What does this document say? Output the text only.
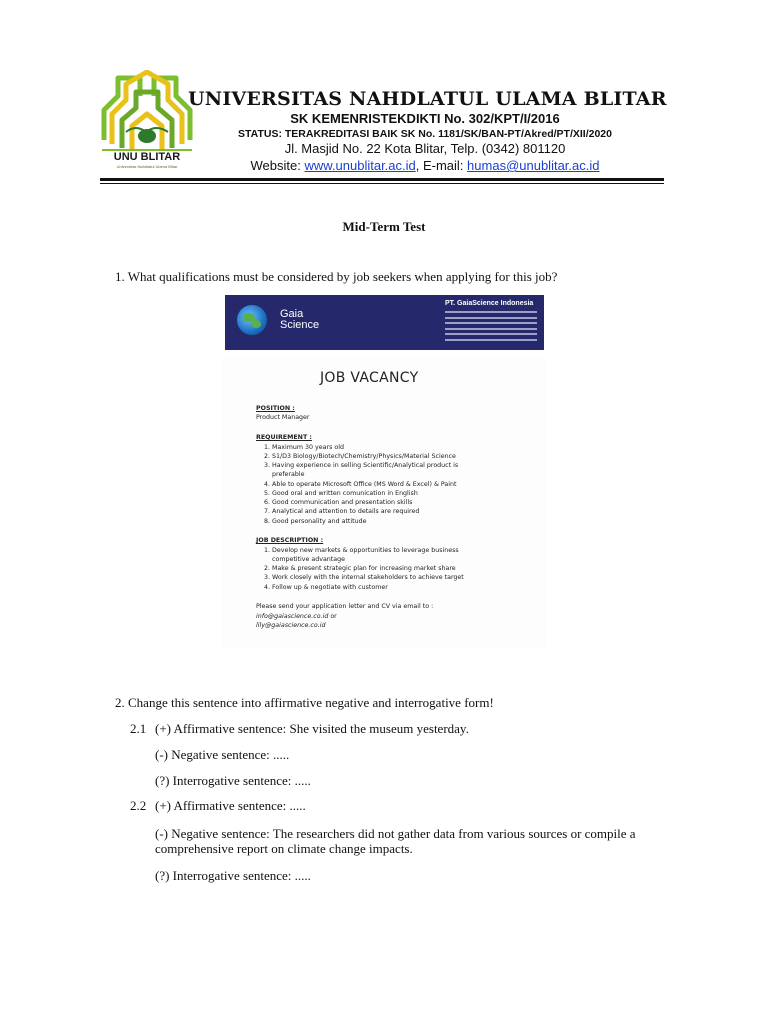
UNU BLITAR
Universitas Nahdlatul Ulama Blitar
UNIVERSITAS NAHDLATUL ULAMA BLITAR
SK KEMENRISTEKDIKTI No. 302/KPT/I/2016
STATUS: TERAKREDITASI BAIK SK No. 1181/SK/BAN-PT/Akred/PT/XII/2020
Jl. Masjid No. 22 Kota Blitar, Telp. (0342) 801120
Website: www.unublitar.ac.id, E-mail: humas@unublitar.ac.id
Mid-Term Test
1. What qualifications must be considered by job seekers when applying for this job?
Gaia
Science
PT. GaiaScience Indonesia
JOB VACANCY
POSITION :
Product Manager
REQUIREMENT :
1. Maximum 30 years old
2. S1/D3 Biology/Biotech/Chemistry/Physics/Material Science
3. Having experience in selling Scientific/Analytical product is
preferable
4. Able to operate Microsoft Office (MS Word & Excel) & Paint
5. Good oral and written comunication in English
6. Good communication and presentation skills
7. Analytical and attention to details are required
8. Good personality and attitude
JOB DESCRIPTION :
1. Develop new markets & opportunities to leverage business
competitive advantage
2. Make & present strategic plan for increasing market share
3. Work closely with the internal stakeholders to achieve target
4. Follow up & negotiate with customer
Please send your application letter and CV via email to :
info@gaiascience.co.id or
lily@gaiascience.co.id
2. Change this sentence into affirmative negative and interrogative form!
2.1 (+) Affirmative sentence: She visited the museum yesterday.
(-) Negative sentence: .....
(?) Interrogative sentence: .....
2.2 (+) Affirmative sentence: .....
(-) Negative sentence: The researchers did not gather data from various sources or compile a
comprehensive report on climate change impacts.
(?) Interrogative sentence: .....
